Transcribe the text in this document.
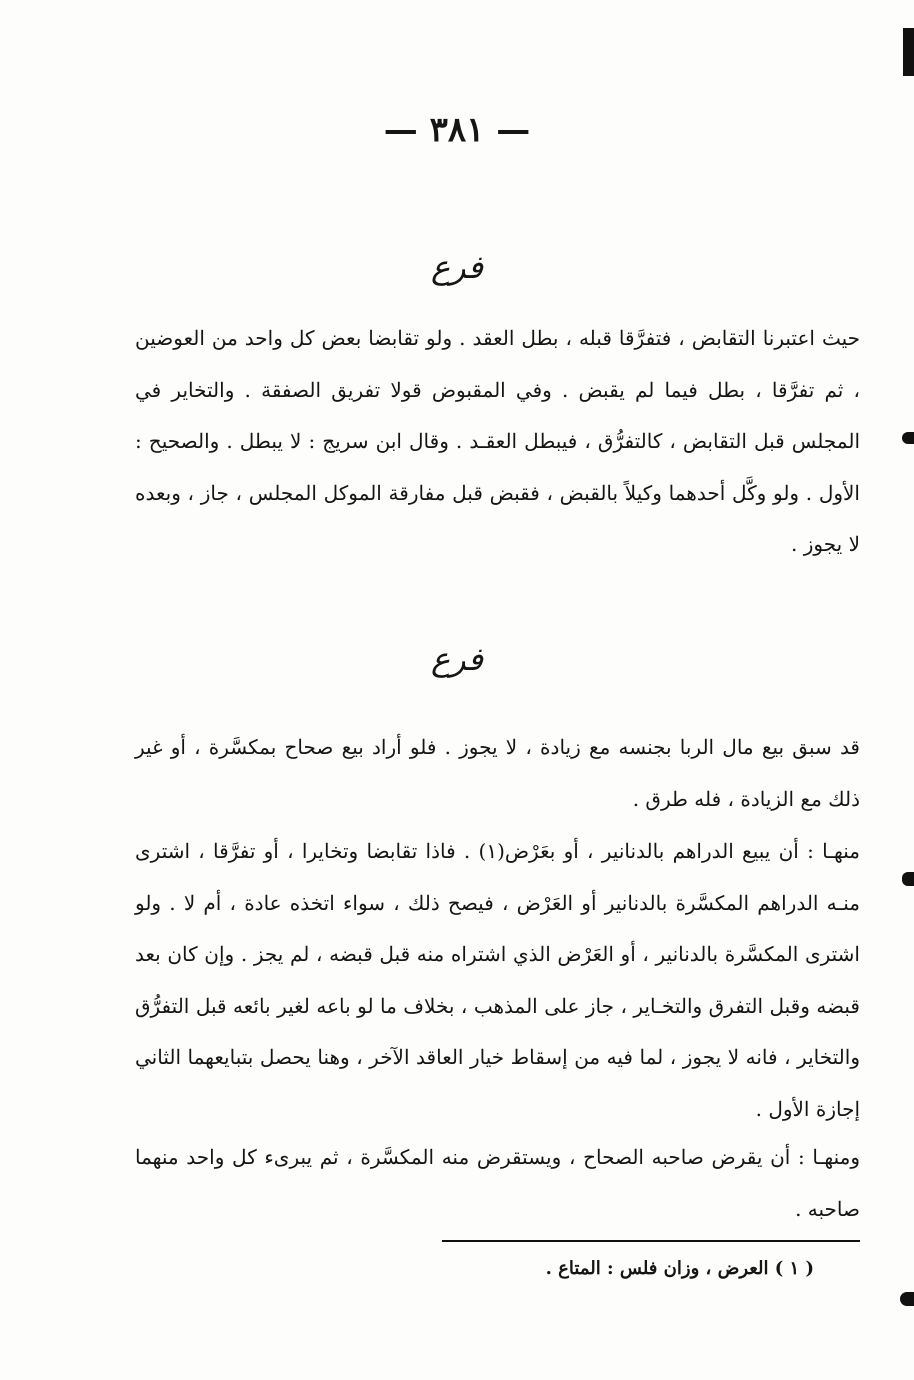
— ٣٨١ —
فرع

حيث اعتبرنا التقابض ، فتفرَّقا قبله ، بطل العقد . ولو تقابضا بعض كل واحد من العوضين ، ثم تفرَّقا ، بطل فيما لم يقبض . وفي المقبوض قولا تفريق الصفقة . والتخاير في المجلس قبل التقابض ، كالتفرُّق ، فيبطل العقـد . وقال ابن سريج : لا يبطل . والصحيح : الأول . ولو وكَّل أحدهما وكيلاً بالقبض ، فقبض قبل مفارقة الموكل المجلس ، جاز ، وبعده لا يجوز .

فرع

قد سبق بيع مال الربا بجنسه مع زيادة ، لا يجوز . فلو أراد بيع صحاح بمكسَّرة ، أو غير ذلك مع الزيادة ، فله طرق .

منهـا : أن يبيع الدراهم بالدنانير ، أو بعَرْض(١) . فاذا تقابضا وتخايرا ، أو تفرَّقا ، اشترى منـه الدراهم المكسَّرة بالدنانير أو العَرْض ، فيصح ذلك ، سواء اتخذه عادة ، أم لا . ولو اشترى المكسَّرة بالدنانير ، أو العَرْض الذي اشتراه منه قبل قبضه ، لم يجز . وإن كان بعد قبضه وقبل التفرق والتخـاير ، جاز على المذهب ، بخلاف ما لو باعه لغير بائعه قبل التفرُّق والتخاير ، فانه لا يجوز ، لما فيه من إسقاط خيار العاقد الآخر ، وهنا يحصل بتبايعهما الثاني إجازة الأول .

ومنهـا : أن يقرض صاحبه الصحاح ، ويستقرض منه المكسَّرة ، ثم يبرىء كل واحد منهما صاحبه .

( ١ ) العرض ، وزان فلس : المتاع .
